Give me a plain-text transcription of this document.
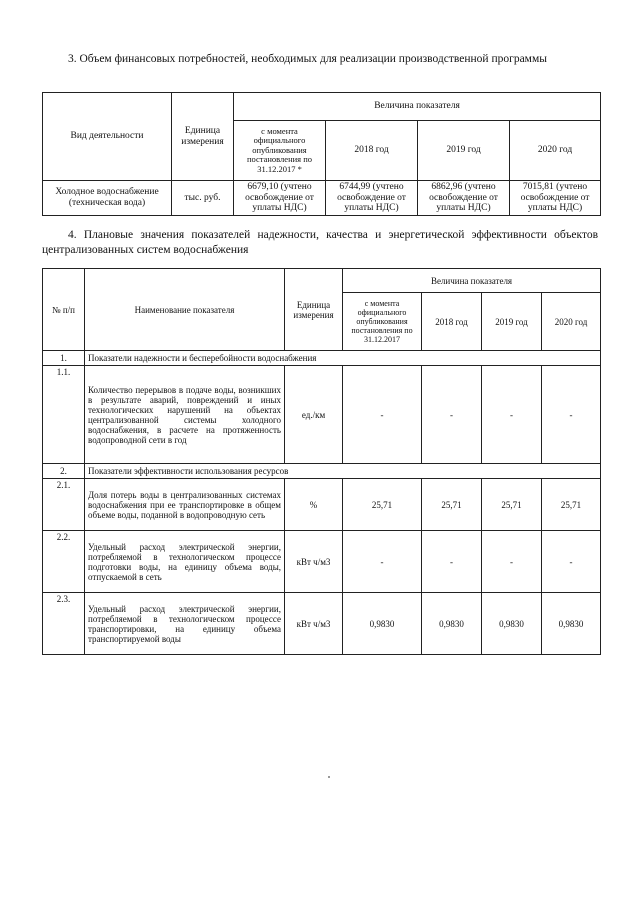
3. Объем финансовых потребностей, необходимых для реализации производственной программы
Вид деятельности	Единица измерения	Величина показателя			
		с момента официального опубликования постановления по 31.12.2017 *	2018 год	2019 год	2020 год
Холодное водоснабжение (техническая вода)	тыс. руб.	6679,10 (учтено освобождение от уплаты НДС)	6744,99 (учтено освобождение от уплаты НДС)	6862,96 (учтено освобождение от уплаты НДС)	7015,81 (учтено освобождение от уплаты НДС)
4. Плановые значения показателей надежности, качества и энергетической эффективности объектов централизованных систем водоснабжения
№ п/п	Наименование показателя	Единица измерения	Величина показателя			
			с момента официального опубликования постановления по 31.12.2017	2018 год	2019 год	2020 год
1.	Показатели надежности и бесперебойности водоснабжения					
1.1.	Количество перерывов в подаче воды, возникших в результате аварий, повреждений и иных технологических нарушений на объектах централизованной системы холодного водоснабжения, в расчете на протяженность водопроводной сети в год	ед./км	-	-	-	-
2.	Показатели эффективности использования ресурсов					
2.1.	Доля потерь воды в централизованных системах водоснабжения при ее транспортировке в общем объеме воды, поданной в водопроводную сеть	%	25,71	25,71	25,71	25,71
2.2.	Удельный расход электрической энергии, потребляемой в технологическом процессе подготовки воды, на единицу объема воды, отпускаемой в сеть	кВт ч/м3	-	-	-	-
2.3.	Удельный расход электрической энергии, потребляемой в технологическом процессе транспортировки, на единицу объема транспортируемой воды	кВт ч/м3	0,9830	0,9830	0,9830	0,9830
